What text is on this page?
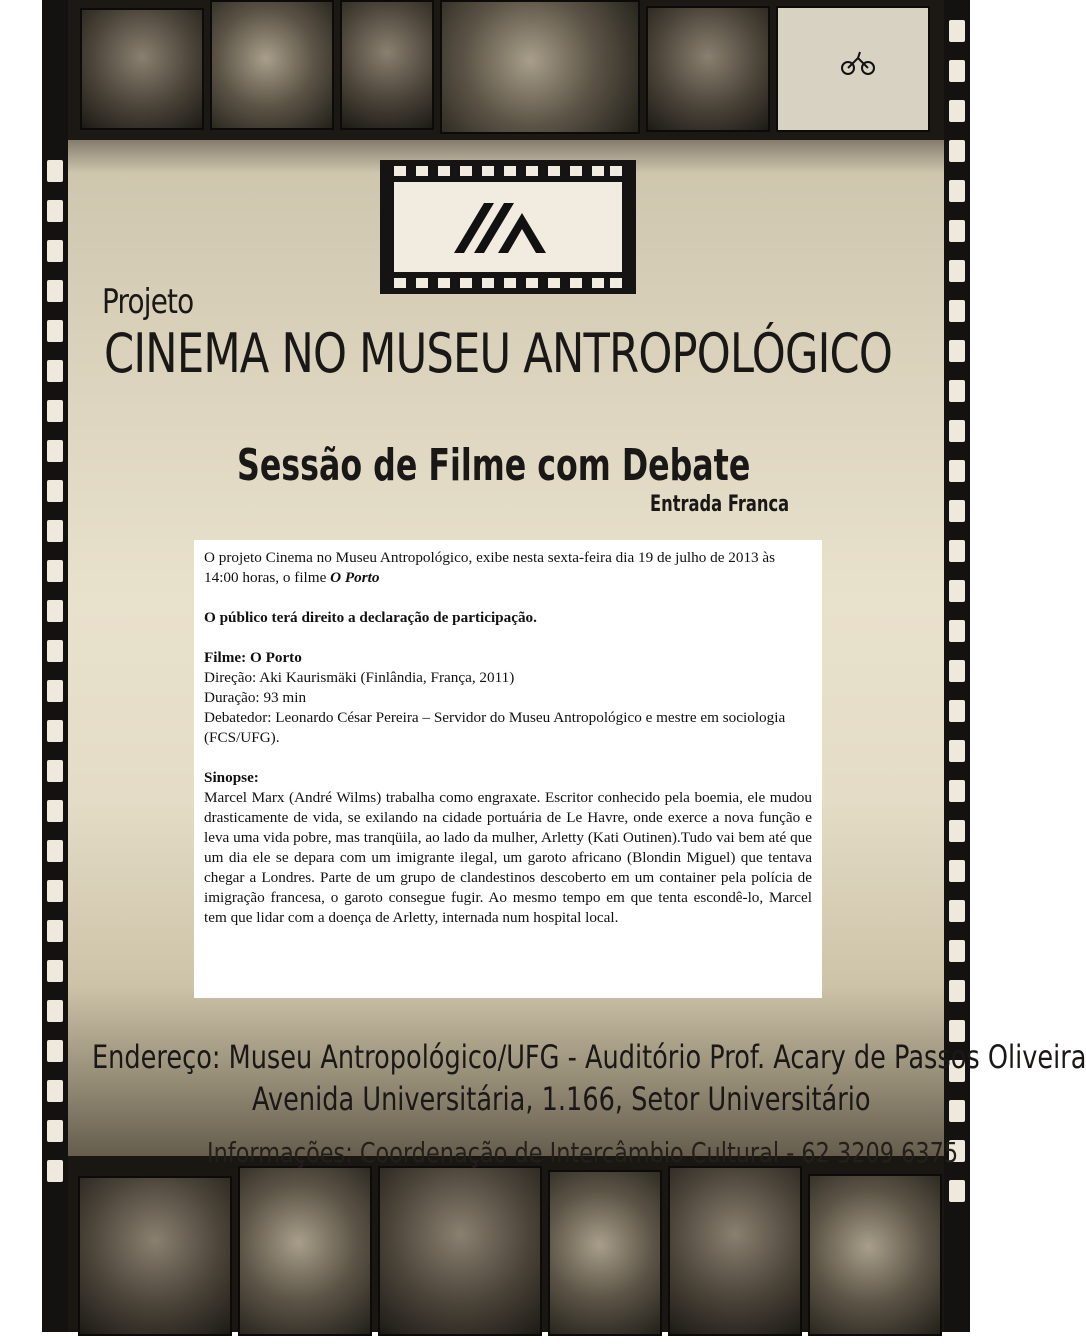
Projeto
CINEMA NO MUSEU ANTROPOLÓGICO
Sessão de Filme com Debate
Entrada Franca

O projeto Cinema no Museu Antropológico, exibe nesta sexta-feira dia 19 de julho de 2013 às 14:00 horas, o filme O Porto

O público terá direito a declaração de participação.

Filme: O Porto

Direção: Aki Kaurismäki (Finlândia, França, 2011)

Duração: 93 min

Debatedor: Leonardo César Pereira – Servidor do Museu Antropológico e mestre em sociologia (FCS/UFG).

Sinopse:

Marcel Marx (André Wilms) trabalha como engraxate. Escritor conhecido pela boemia, ele mudou drasticamente de vida, se exilando na cidade portuária de Le Havre, onde exerce a nova função e leva uma vida pobre, mas tranqüila, ao lado da mulher, Arletty (Kati Outinen).Tudo vai bem até que um dia ele se depara com um imigrante ilegal, um garoto africano (Blondin Miguel) que tentava chegar a Londres. Parte de um grupo de clandestinos descoberto em um container pela polícia de imigração francesa, o garoto consegue fugir. Ao mesmo tempo em que tenta escondê-lo, Marcel tem que lidar com a doença de Arletty, internada num hospital local.

Endereço: Museu Antropológico/UFG - Auditório Prof. Acary de Passos Oliveira
Avenida Universitária, 1.166, Setor Universitário
Informações: Coordenação de Intercâmbio Cultural - 62 3209 6375
